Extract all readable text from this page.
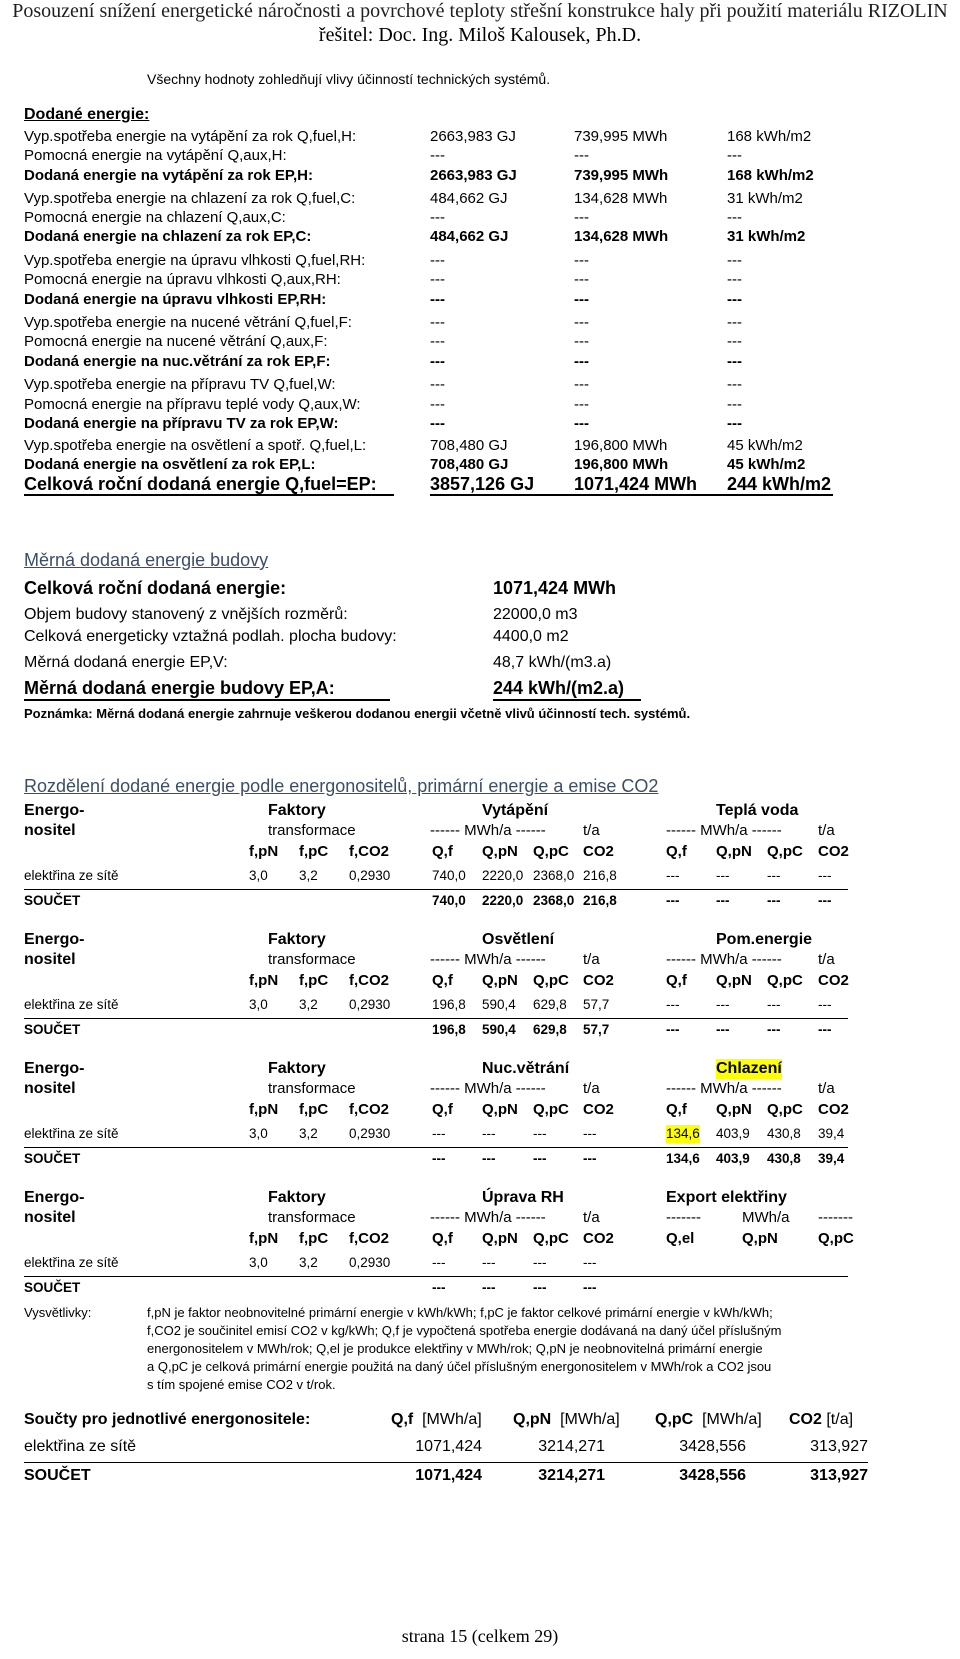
Posouzení snížení energetické náročnosti a povrchové teploty střešní konstrukce haly při použití materiálu RIZOLIN
řešitel: Doc. Ing. Miloš Kalousek, Ph.D.
Všechny hodnoty zohledňují vlivy účinností technických systémů.
Dodané energie:
Vyp.spotřeba energie na vytápění za rok Q,fuel,H:	2663,983 GJ	739,995 MWh	168 kWh/m2
Pomocná energie na vytápění Q,aux,H:	---	---	---
Dodaná energie na vytápění za rok EP,H:	2663,983 GJ	739,995 MWh	168 kWh/m2
Vyp.spotřeba energie na chlazení za rok Q,fuel,C:	484,662 GJ	134,628 MWh	31 kWh/m2
Pomocná energie na chlazení Q,aux,C:	---	---	---
Dodaná energie na chlazení za rok EP,C:	484,662 GJ	134,628 MWh	31 kWh/m2
Vyp.spotřeba energie na úpravu vlhkosti Q,fuel,RH:	---	---	---
Pomocná energie na úpravu vlhkosti Q,aux,RH:	---	---	---
Dodaná energie na úpravu vlhkosti EP,RH:	---	---	---
Vyp.spotřeba energie na nucené větrání Q,fuel,F:	---	---	---
Pomocná energie na nucené větrání Q,aux,F:	---	---	---
Dodaná energie na nuc.větrání za rok EP,F:	---	---	---
Vyp.spotřeba energie na přípravu TV Q,fuel,W:	---	---	---
Pomocná energie na přípravu teplé vody Q,aux,W:	---	---	---
Dodaná energie na přípravu TV za rok EP,W:	---	---	---
Vyp.spotřeba energie na osvětlení a spotř. Q,fuel,L:	708,480 GJ	196,800 MWh	45 kWh/m2
Dodaná energie na osvětlení za rok EP,L:	708,480 GJ	196,800 MWh	45 kWh/m2
Celková roční dodaná energie Q,fuel=EP:	3857,126 GJ 1071,424 MWh 244 kWh/m2
Měrná dodaná energie budovy
Celková roční dodaná energie:	1071,424 MWh
Objem budovy stanovený z vnějších rozměrů:	22000,0 m3
Celková energeticky vztažná podlah. plocha budovy:	4400,0 m2
Měrná dodaná energie EP,V:	48,7 kWh/(m3.a)
Měrná dodaná energie budovy EP,A:	244 kWh/(m2.a)
Poznámka: Měrná dodaná energie zahrnuje veškerou dodanou energii včetně vlivů účinností tech. systémů.
Rozdělení dodané energie podle energonositelů, primární energie a emise CO2
Energo-
nositel
Faktory
transformace
Vytápění	Teplá voda
------ MWh/a ------ t/a	------ MWh/a ------ t/a
f,pN f,pC f,CO2	Q,f Q,pN Q,pC CO2	Q,f Q,pN Q,pC CO2
elektřina ze sítě	3,0 3,2 0,2930	740,0 2220,0 2368,0 216,8	---	---	---	---
SOUČET	740,0 2220,0 2368,0 216,8	---	---	---	---
Energo-
nositel
Faktory
transformace
Osvětlení	Pom.energie
------ MWh/a ------ t/a	------ MWh/a ------ t/a
f,pN f,pC f,CO2	Q,f Q,pN Q,pC CO2	Q,f Q,pN Q,pC CO2
elektřina ze sítě	3,0 3,2 0,2930	196,8 590,4 629,8 57,7	---	---	---	---
SOUČET	196,8 590,4 629,8 57,7	---	---	---	---
Energo-
nositel
Faktory
transformace
Nuc.větrání	Chlazení
------ MWh/a ------ t/a	------ MWh/a ------ t/a
f,pN f,pC f,CO2	Q,f Q,pN Q,pC CO2	Q,f Q,pN Q,pC CO2
elektřina ze sítě	3,0 3,2 0,2930	---	---	---	---	134,6 403,9 430,8 39,4
SOUČET	---	---	---	---	134,6 403,9 430,8 39,4
Energo-
nositel
Faktory
transformace
Úprava RH	Export elektřiny
------ MWh/a ------ t/a	-------	MWh/a -------
f,pN f,pC f,CO2	Q,f Q,pN Q,pC CO2	Q,el	Q,pN	Q,pC
elektřina ze sítě	3,0 3,2 0,2930	---	---	---	---
SOUČET	---	---	---	---
Vysvětlivky:	f,pN je faktor neobnovitelné primární energie v kWh/kWh; f,pC je faktor celkové primární energie v kWh/kWh;
f,CO2 je součinitel emisí CO2 v kg/kWh; Q,f je vypočtená spotřeba energie dodávaná na daný účel příslušným
energonositelem v MWh/rok; Q,el je produkce elektřiny v MWh/rok; Q,pN je neobnovitelná primární energie
a Q,pC je celková primární energie použitá na daný účel příslušným energonositelem v MWh/rok a CO2 jsou
s tím spojené emise CO2 v t/rok.
Součty pro jednotlivé energonositele:	Q,f [MWh/a] Q,pN [MWh/a] Q,pC [MWh/a] CO2 [t/a]
elektřina ze sítě	1071,424	3214,271	3428,556	313,927
SOUČET	1071,424	3214,271	3428,556	313,927
strana 15 (celkem 29)
